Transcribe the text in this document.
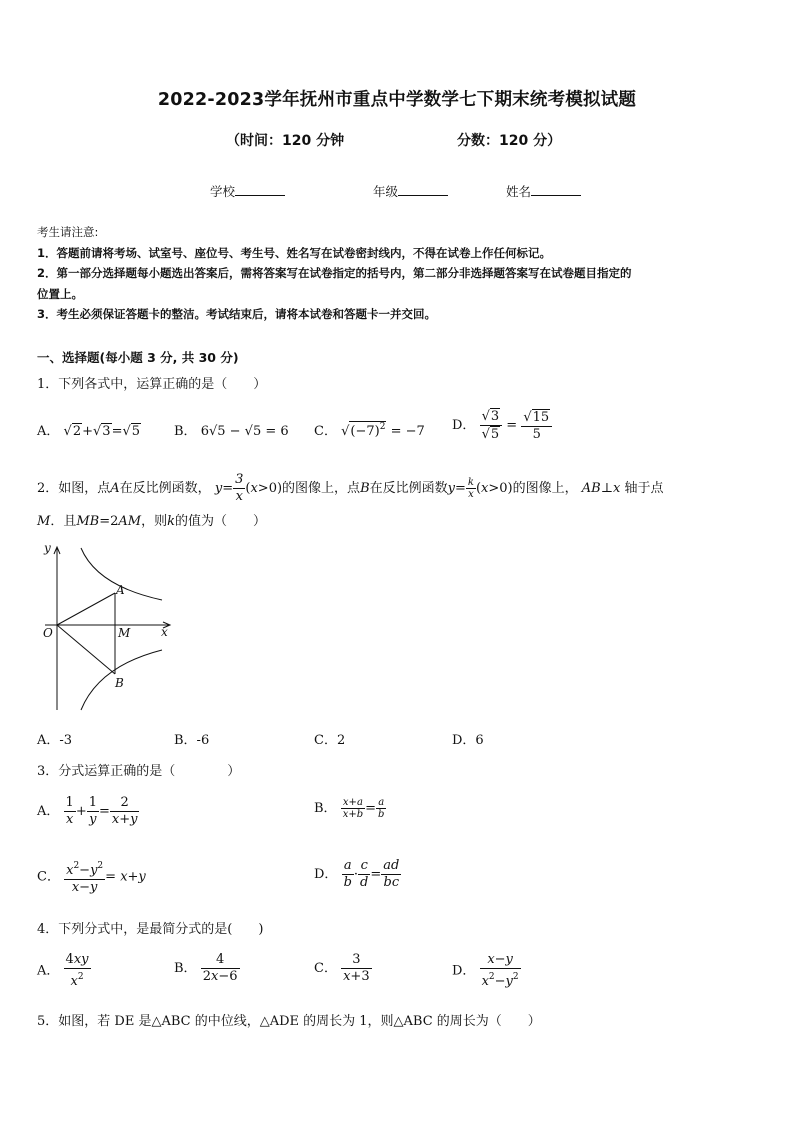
2022-2023学年抚州市重点中学数学七下期末统考模拟试题
（时间：120 分钟	分数：120 分）
学校	年级	姓名
考生请注意:
1．答题前请将考场、试室号、座位号、考生号、姓名写在试卷密封线内，不得在试卷上作任何标记。
2．第一部分选择题每小题选出答案后，需将答案写在试卷指定的括号内，第二部分非选择题答案写在试卷题目指定的
位置上。
3．考生必须保证答题卡的整洁。考试结束后，请将本试卷和答题卡一并交回。
一、选择题(每小题 3 分, 共 30 分)
1．下列各式中，运算正确的是（　　）
A． √2+√3=√5	B． 6√5 − √5 = 6 C． $√(-7)^2 = -7$ D． $\frac{√3}{√5} = \frac{√15}{5}$
2．如图，点A在反比例函数， $y= \frac{3}{x} (x>0)$的图像上，点B在反比例函数$y= \frac{k}{x} (x>0)$的图像上， AB⊥x 轴于点
M．且MB=2AM，则k的值为（　　）
y
x
O
A
M
B
A．-3	B．-6	C．2	D．6
3．分式运算正确的是（　　　　）
A． $\frac{1}{x} + \frac{1}{y} = \frac{2}{x+y}$	B． $\frac{x+a}{x+b} = \frac{a}{b}$
C． $\frac{x^2-y^2}{x-y} = x+y$	D． $\frac{a}{b} \cdot \frac{c}{d} = \frac{ad}{bc}$
4．下列分式中，是最简分式的是(　　)
A． $\frac{4xy}{x^2}$	B． $\frac{4}{2x-6}$	C． $\frac{3}{x+3}$	D． $\frac{x-y}{x^2-y^2}$
5．如图，若 DE 是△ABC 的中位线，△ADE 的周长为 1，则△ABC 的周长为（　　）
